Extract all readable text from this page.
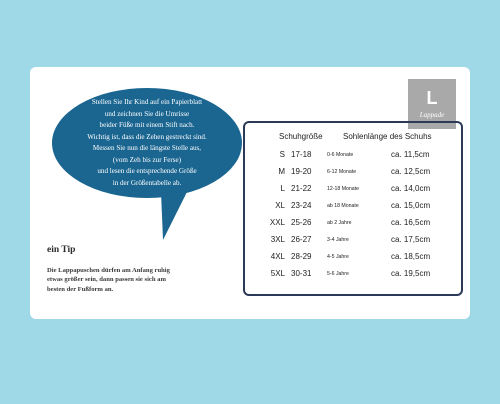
L
Lappade
Stellen Sie Ihr Kind auf ein Papierblatt
und zeichnen Sie die Umrisse
beider Füße mit einem Stift nach.
Wichtig ist, dass die Zehen gestreckt sind.
Messen Sie nun die längste Stelle aus,
(vom Zeh bis zur Ferse)
und lesen die entsprechende Größe
in der Größentabelle ab.
ein Tip
Die Lappapuschen dürfen am Anfang ruhig
etwas größer sein, dann passen sie sich am
besten der Fußform an.
Schuhgröße	Sohlenlänge des Schuhs
S 17-18	0-6 Monate	ca. 11,5cm
M 19-20	6-12 Monate	ca. 12,5cm
L 21-22	12-18 Monate	ca. 14,0cm
XL 23-24	ab 18 Monate	ca. 15,0cm
XXL 25-26	ab 2 Jahre	ca. 16,5cm
3XL 26-27	3-4 Jahre	ca. 17,5cm
4XL 28-29	4-5 Jahre	ca. 18,5cm
5XL 30-31	5-6 Jahre	ca. 19,5cm
